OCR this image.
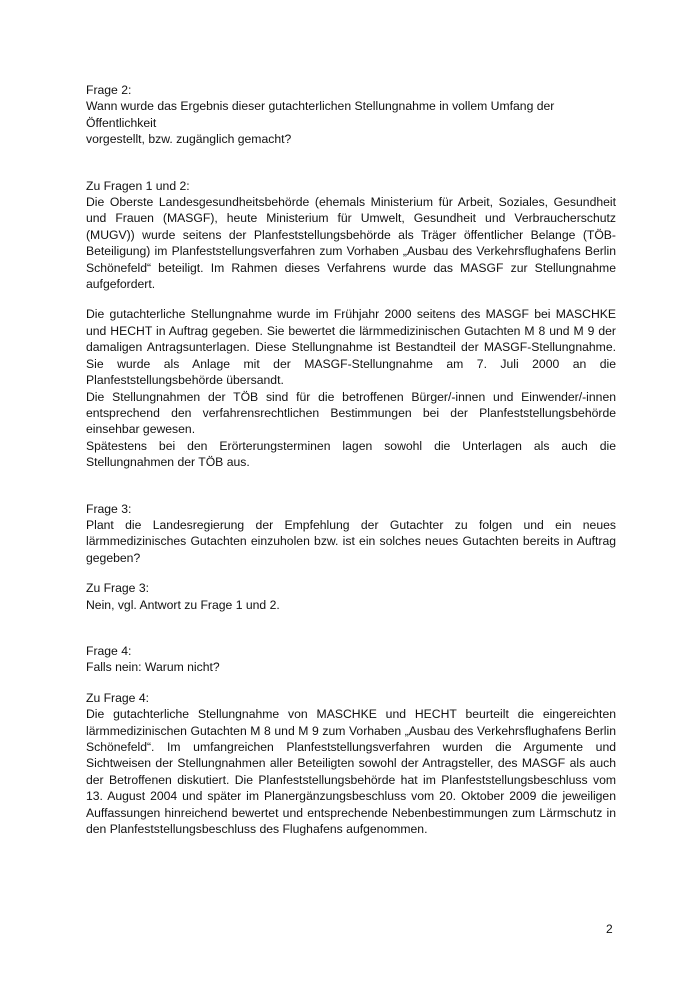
Frage 2:

Wann wurde das Ergebnis dieser gutachterlichen Stellungnahme in vollem Umfang der Öffentlichkeit
vorgestellt, bzw. zugänglich gemacht?

Zu Fragen 1 und 2:

Die Oberste Landesgesundheitsbehörde (ehemals Ministerium für Arbeit, Soziales, Gesundheit und Frauen (MASGF), heute Ministerium für Umwelt, Gesundheit und Verbraucherschutz (MUGV)) wurde seitens der Planfeststellungsbehörde als Träger öffentlicher Belange (TÖB-Beteiligung) im Planfeststellungsverfahren zum Vorhaben „Ausbau des Verkehrsflughafens Berlin Schönefeld“ beteiligt. Im Rahmen dieses Verfahrens wurde das MASGF zur Stellungnahme aufgefordert.

Die gutachterliche Stellungnahme wurde im Frühjahr 2000 seitens des MASGF bei MASCHKE und HECHT in Auftrag gegeben. Sie bewertet die lärmmedizinischen Gutachten M 8 und M 9 der damaligen Antragsunterlagen. Diese Stellungnahme ist Bestandteil der MASGF-Stellungnahme. Sie wurde als Anlage mit der MASGF-Stellungnahme am 7. Juli 2000 an die Planfeststellungsbehörde übersandt.

Die Stellungnahmen der TÖB sind für die betroffenen Bürger/-innen und Einwender/-innen entsprechend den verfahrensrechtlichen Bestimmungen bei der Planfeststellungsbehörde einsehbar gewesen.

Spätestens bei den Erörterungsterminen lagen sowohl die Unterlagen als auch die Stellungnahmen der TÖB aus.

Frage 3:

Plant die Landesregierung der Empfehlung der Gutachter zu folgen und ein neues lärmmedizinisches Gutachten einzuholen bzw. ist ein solches neues Gutachten bereits in Auftrag gegeben?

Zu Frage 3:

Nein, vgl. Antwort zu Frage 1 und 2.

Frage 4:

Falls nein: Warum nicht?

Zu Frage 4:

Die gutachterliche Stellungnahme von MASCHKE und HECHT beurteilt die eingereichten lärmmedizinischen Gutachten M 8 und M 9 zum Vorhaben „Ausbau des Verkehrsflughafens Berlin Schönefeld“. Im umfangreichen Planfeststellungsverfahren wurden die Argumente und Sichtweisen der Stellungnahmen aller Beteiligten sowohl der Antragsteller, des MASGF als auch der Betroffenen diskutiert. Die Planfeststellungsbehörde hat im Planfeststellungsbeschluss vom 13. August 2004 und später im Planergänzungsbeschluss vom 20. Oktober 2009 die jeweiligen Auffassungen hinreichend bewertet und entsprechende Nebenbestimmungen zum Lärmschutz in den Planfeststellungsbeschluss des Flughafens aufgenommen.

2
